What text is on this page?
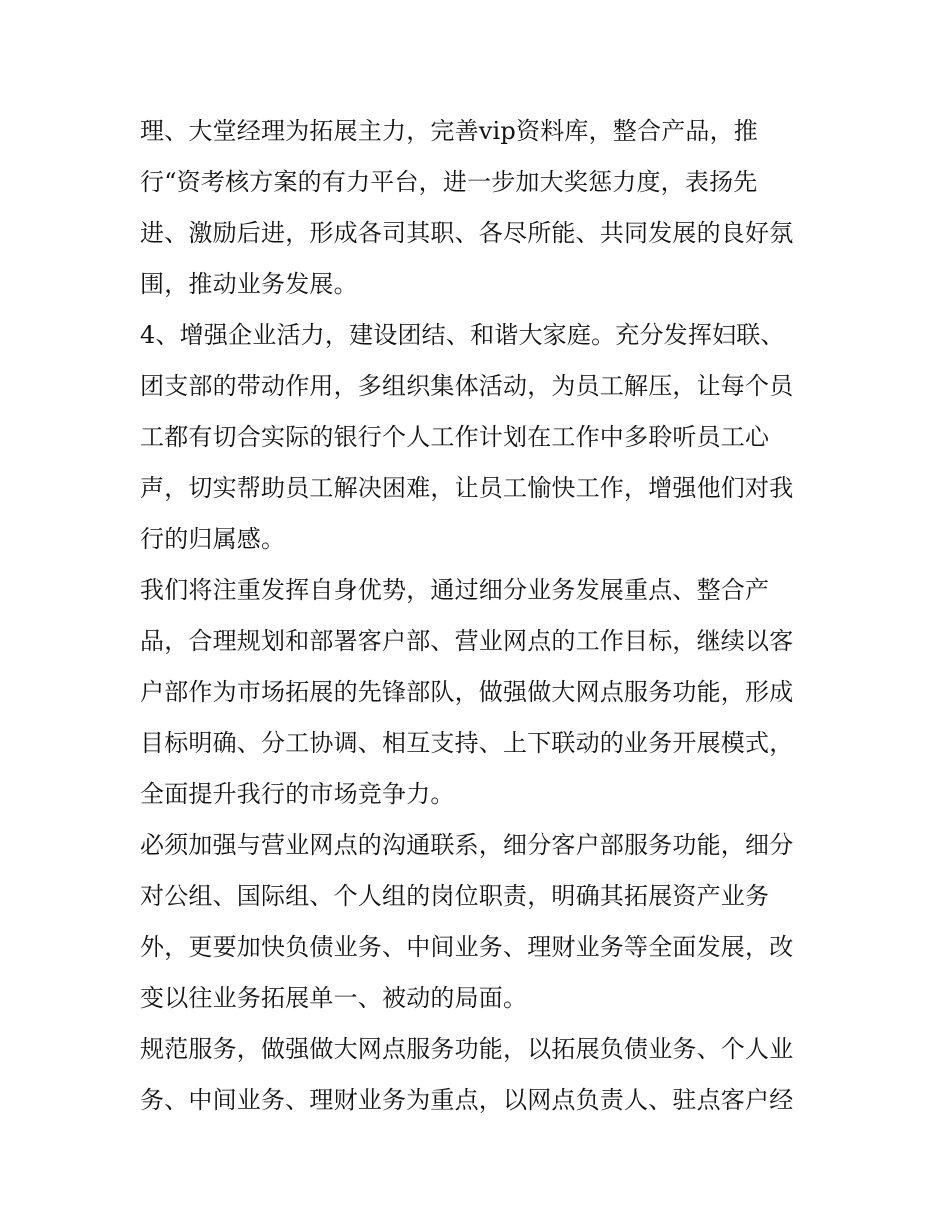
理、大堂经理为拓展主力，完善vip资料库，整合产品，推
行“资考核方案的有力平台，进一步加大奖惩力度，表扬先
进、激励后进，形成各司其职、各尽所能、共同发展的良好氛
围，推动业务发展。
4、增强企业活力，建设团结、和谐大家庭。充分发挥妇联、
团支部的带动作用，多组织集体活动，为员工解压，让每个员
工都有切合实际的银行个人工作计划在工作中多聆听员工心
声，切实帮助员工解决困难，让员工愉快工作，增强他们对我
行的归属感。
我们将注重发挥自身优势，通过细分业务发展重点、整合产
品，合理规划和部署客户部、营业网点的工作目标，继续以客
户部作为市场拓展的先锋部队，做强做大网点服务功能，形成
目标明确、分工协调、相互支持、上下联动的业务开展模式，
全面提升我行的市场竞争力。
必须加强与营业网点的沟通联系，细分客户部服务功能，细分
对公组、国际组、个人组的岗位职责，明确其拓展资产业务
外，更要加快负债业务、中间业务、理财业务等全面发展，改
变以往业务拓展单一、被动的局面。
规范服务，做强做大网点服务功能，以拓展负债业务、个人业
务、中间业务、理财业务为重点，以网点负责人、驻点客户经
